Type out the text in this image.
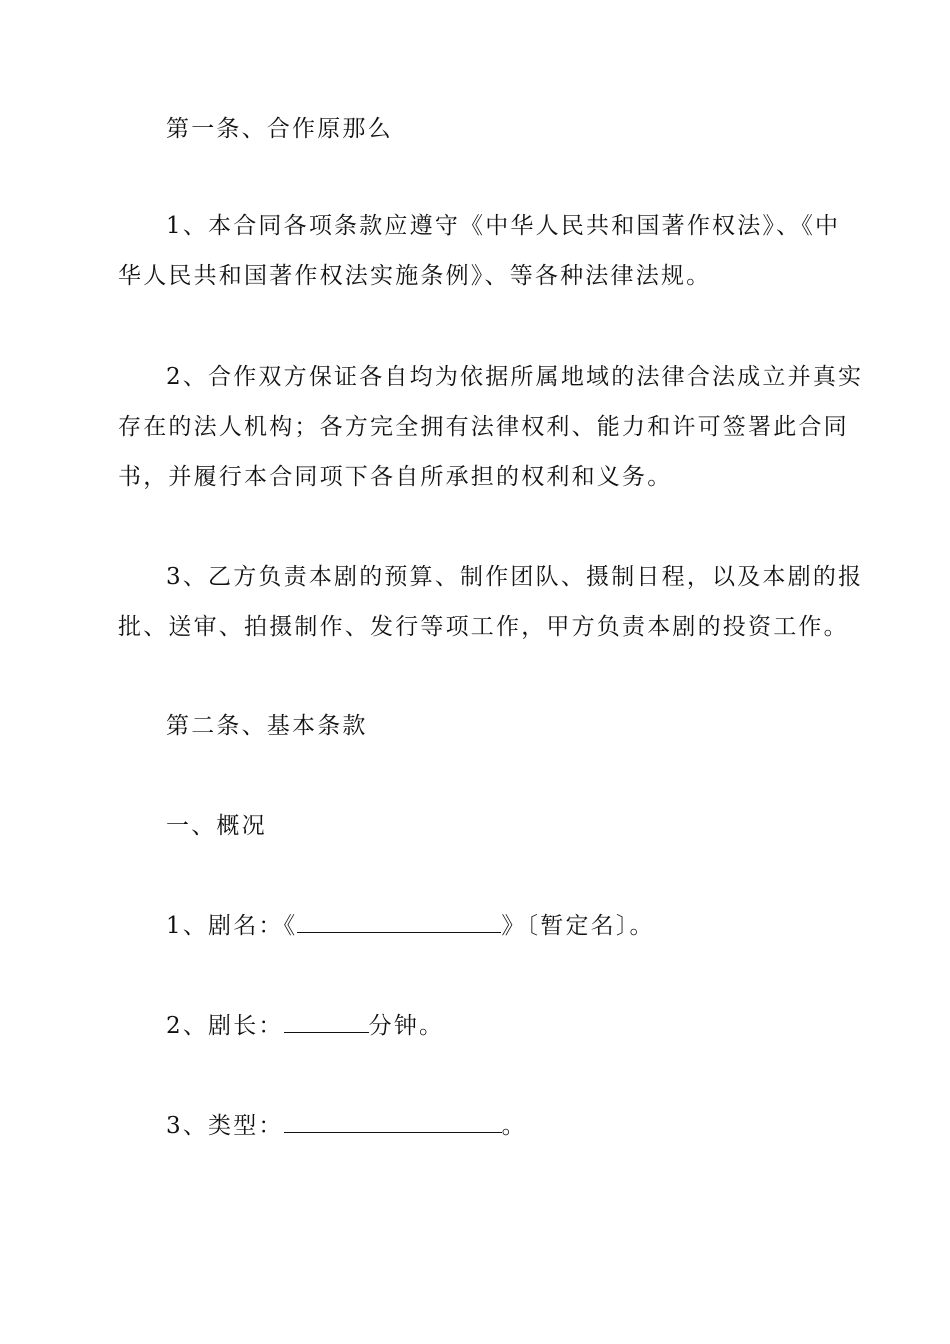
第一条、合作原那么
1、本合同各项条款应遵守《中华人民共和国著作权法》、《中
华人民共和国著作权法实施条例》、等各种法律法规。
2、合作双方保证各自均为依据所属地域的法律合法成立并真实
存在的法人机构；各方完全拥有法律权利、能力和许可签署此合同
书，并履行本合同项下各自所承担的权利和义务。
3、乙方负责本剧的预算、制作团队、摄制日程，以及本剧的报
批、送审、拍摄制作、发行等项工作，甲方负责本剧的投资工作。
第二条、基本条款
一、概况
1、剧名：《	》〔暂定名〕。
2、剧长：	分钟。
3、类型：	。
